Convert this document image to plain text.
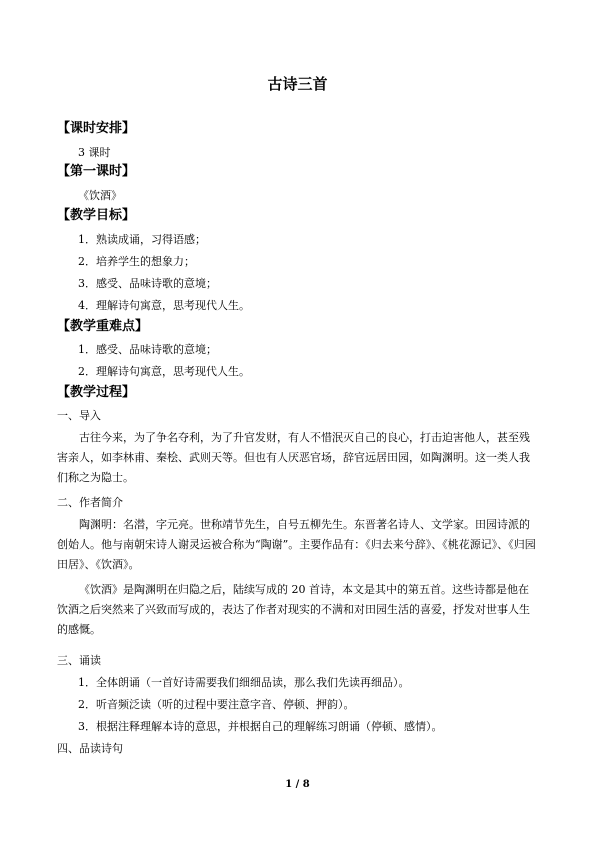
古诗三首
【课时安排】
3 课时
【第一课时】
《饮酒》
【教学目标】
1．熟读成诵，习得语感；
2．培养学生的想象力；
3．感受、品味诗歌的意境；
4．理解诗句寓意，思考现代人生。
【教学重难点】
1．感受、品味诗歌的意境；
2．理解诗句寓意，思考现代人生。
【教学过程】
一、导入
古往今来，为了争名夺利，为了升官发财，有人不惜泯灭自己的良心，打击迫害他人，甚至残害亲人，如李林甫、秦桧、武则天等。但也有人厌恶官场，辞官远居田园，如陶渊明。这一类人我们称之为隐士。
二、作者简介
陶渊明：名潜，字元亮。世称靖节先生，自号五柳先生。东晋著名诗人、文学家。田园诗派的创始人。他与南朝宋诗人谢灵运被合称为“陶谢”。主要作品有：《归去来兮辞》、《桃花源记》、《归园田居》、《饮酒》。
《饮酒》是陶渊明在归隐之后，陆续写成的 20 首诗，本文是其中的第五首。这些诗都是他在饮酒之后突然来了兴致而写成的，表达了作者对现实的不满和对田园生活的喜爱，抒发对世事人生的感慨。
三、诵读
1．全体朗诵（一首好诗需要我们细细品读，那么我们先读再细品）。
2．听音频泛读（听的过程中要注意字音、停顿、押韵）。
3．根据注释理解本诗的意思，并根据自己的理解练习朗诵（停顿、感情）。
四、品读诗句
1 / 8
